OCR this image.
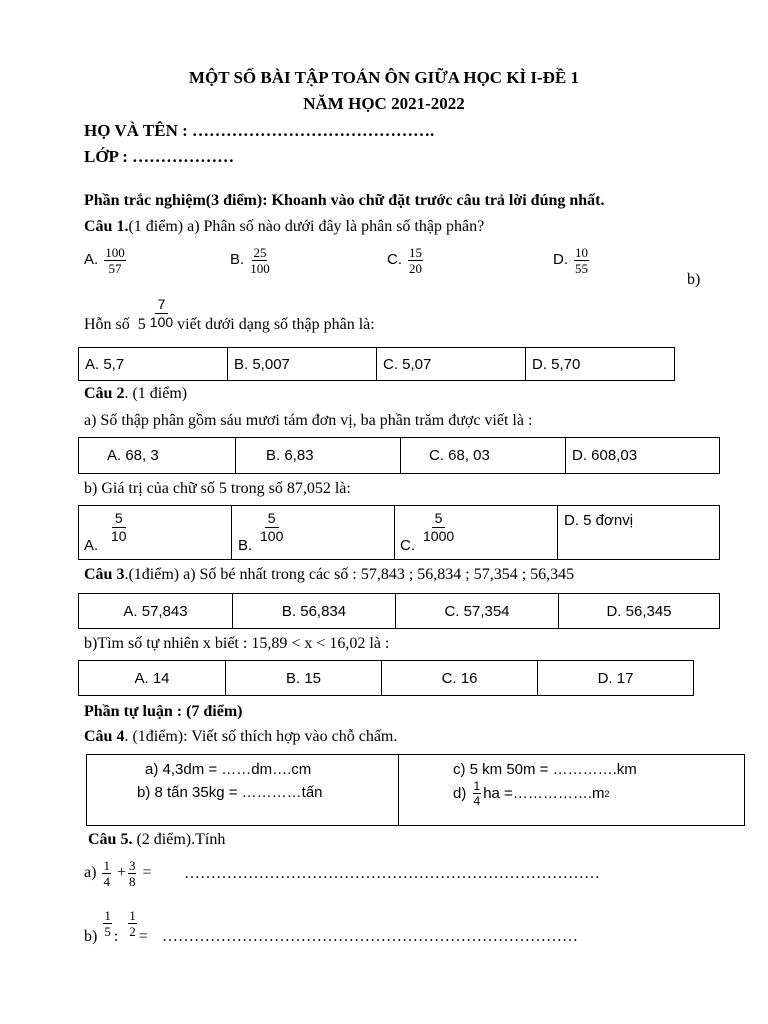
MỘT SỐ BÀI TẬP TOÁN ÔN GIỮA HỌC KÌ I-ĐỀ 1
NĂM HỌC 2021-2022
HỌ VÀ TÊN : …………………………………….
LỚP : ………………
Phần trắc nghiệm(3 điểm): Khoanh vào chữ đặt trước câu trả lời đúng nhất.
Câu 1.(1 điểm) a) Phân số nào dưới đây là phân số thập phân?
A. $\frac{100}{57}$	B. $\frac{25}{100}$	C. $\frac{15}{20}$	D. $\frac{10}{55}$
b)
Hỗn số
$5 \frac{7}{100}$ viết dưới dạng số thập phân là:
A. 5,7	B. 5,007	C. 5,07	D. 5,70
Câu 2. (1 điểm)
a) Số thập phân gồm sáu mươi tám đơn vị, ba phần trăm được viết là :
A. 68, 3	B. 6,83	C. 68, 03	D. 608,03
b) Giá trị của chữ số 5 trong số 87,052 là:
A.
$\frac{5}{10}$

B.
$\frac{5}{100}$

C.
$\frac{5}{1000}$	D. 5 đơnvị
Câu 3.(1điểm) a) Số bé nhất trong các số : 57,843 ; 56,834 ; 57,354 ; 56,345
A. 57,843	B. 56,834	C. 57,354	D. 56,345
b)Tìm số tự nhiên x biết : 15,89 < x < 16,02 là :
A. 14	B. 15	C. 16	D. 17
Phần tự luận : (7 điểm)
Câu 4. (1điểm): Viết số thích hợp vào chỗ chấm.
a) 4,3dm = ……dm….cm
b) 8 tấn 35kg = …………tấn

c) 5 km 50m = ………….km
d)
$\frac{1}{4}$ ha =…………….m 2
Câu 5. (2 điểm).Tính
a)
$\frac{1}{4}$
+ $\frac{3}{8}$
= ……………………………………………………………………
b)
$\frac{1}{5}$ :
$\frac{1}{2}$ = ……………………………………………………………………
